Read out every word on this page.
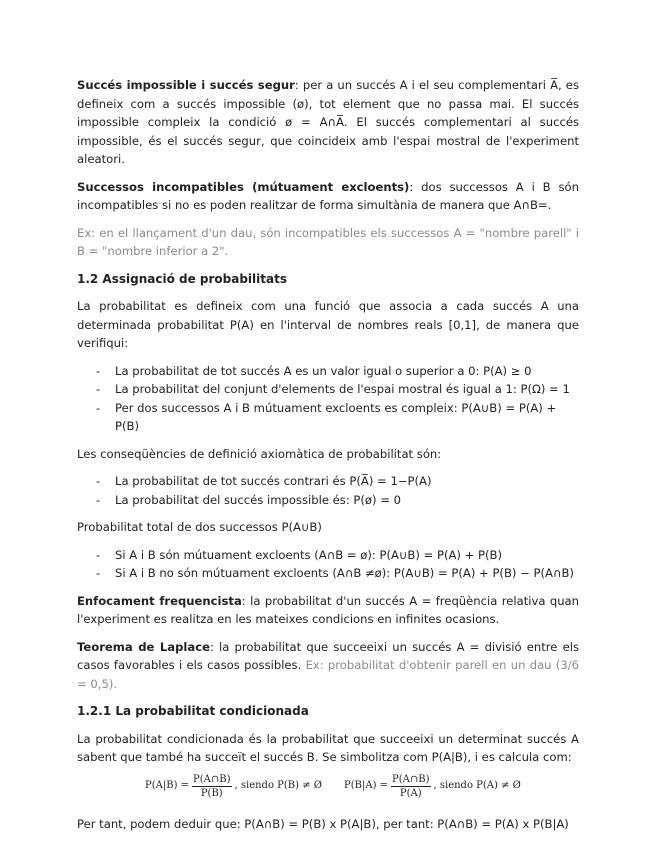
Succés impossible i succés segur: per a un succés A i el seu complementari A̅, es defineix com a succés impossible (ø), tot element que no passa mai. El succés impossible compleix la condició ø = A∩A̅. El succés complementari al succés impossible, és el succés segur, que coincideix amb l'espai mostral de l'experiment aleatori.

Successos incompatibles (mútuament excloents): dos successos A i B són incompatibles si no es poden realitzar de forma simultània de manera que A∩B=.

Ex: en el llançament d'un dau, són incompatibles els successos A = "nombre parell" i B = "nombre inferior a 2".

1.2 Assignació de probabilitats

La probabilitat es defineix com una funció que associa a cada succés A una determinada probabilitat P(A) en l'interval de nombres reals [0,1], de manera que verifiqui:

- La probabilitat de tot succés A es un valor igual o superior a 0: P(A) ≥ 0
- La probabilitat del conjunt d'elements de l'espai mostral és igual a 1: P(Ω) = 1
- Per dos successos A i B mútuament excloents es compleix: P(A∪B) = P(A) + P(B)

Les conseqüències de definició axiomàtica de probabilitat són:

- La probabilitat de tot succés contrari és P(A̅) = 1−P(A)
- La probabilitat del succés impossible és: P(ø) = 0

Probabilitat total de dos successos P(A∪B)

- Si A i B són mútuament excloents (A∩B = ø): P(A∪B) = P(A) + P(B)
- Si A i B no són mútuament excloents (A∩B ≠ø): P(A∪B) = P(A) + P(B) − P(A∩B)

Enfocament frequencista: la probabilitat d'un succés A = freqüència relativa quan l'experiment es realitza en les mateixes condicions en infinites ocasions.

Teorema de Laplace: la probabilitat que succeeixi un succés A = divisió entre els casos favorables i els casos possibles. Ex: probabilitat d'obtenir parell en un dau (3/6 = 0,5).

1.2.1 La probabilitat condicionada

La probabilitat condicionada és la probabilitat que succeeixi un determinat succés A sabent que també ha succeït el succés B. Se simbolitza com P(A|B), i es calcula com:

$P(A|B) = \frac{P(A\cap B)}{P(B)}$ , siendo P(B) ≠ Ø $P(B|A) = \frac{P(A\cap B)}{P(A)}$ , siendo P(A) ≠ Ø

Per tant, podem deduir que: P(A∩B) = P(B) x P(A|B), per tant: P(A∩B) = P(A) x P(B|A)
